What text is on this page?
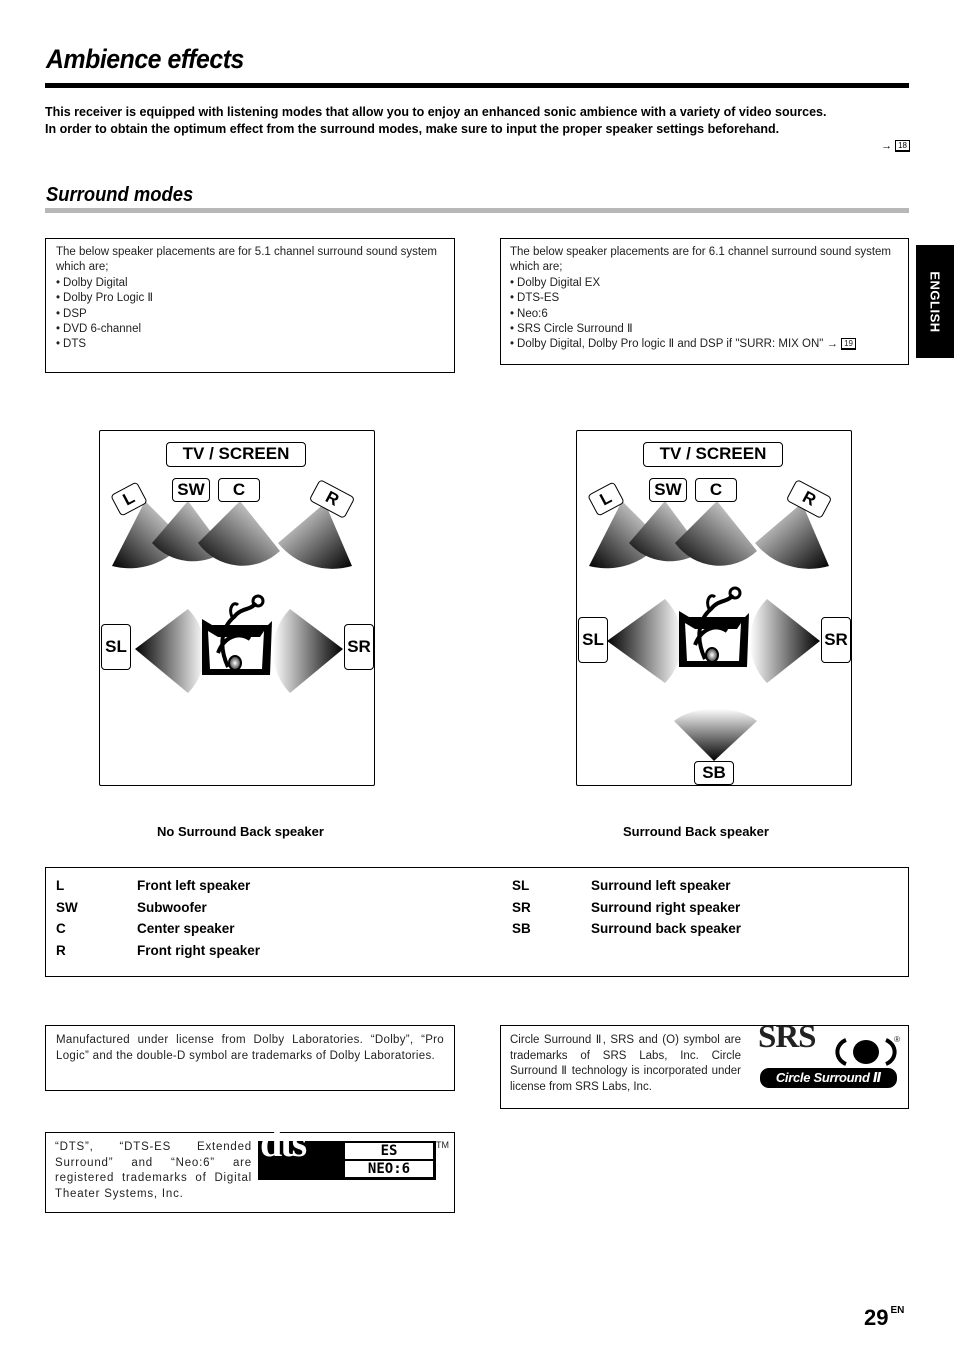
Ambience effects

This receiver is equipped with listening modes that allow you to enjoy an enhanced sonic ambience with a variety of video sources.

In order to obtain the optimum effect from the surround modes, make sure to input the proper speaker settings beforehand.

→ 18

Surround modes
ENGLISH
The below speaker placements are for 5.1 channel surround sound system which are;
• Dolby Digital
• Dolby Pro Logic Ⅱ
• DSP
• DVD 6-channel
• DTS
The below speaker placements are for 6.1 channel surround sound system which are;
• Dolby Digital EX
• DTS-ES
• Neo:6
• SRS Circle Surround Ⅱ
• Dolby Digital, Dolby Pro logic Ⅱ and DSP if "SURR: MIX ON" → 19
TV / SCREEN
L	SW	C	R
SL	SR
TV / SCREEN
L	SW	C	R
SL	SR
SB
No Surround Back speaker	Surround Back speaker
L	Front left speaker
SW	Subwoofer
C	Center speaker
R	Front right speaker
SL	Surround left speaker
SR	Surround right speaker
SB	Surround back speaker
Manufactured under license from Dolby Laboratories. “Dolby”, “Pro Logic” and the double-D symbol are trademarks of Dolby Laboratories.
Circle Surround Ⅱ, SRS and (O) symbol are trademarks of SRS Labs, Inc. Circle Surround Ⅱ technology is incorporated under license from SRS Labs, Inc.
SRS	®
Circle Surround Ⅱ
“DTS”, “DTS-ES Extended Surround” and “Neo:6” are registered trademarks of Digital Theater Systems, Inc.
dts	ES
NEO:6
TM
29 $^{EN}$
